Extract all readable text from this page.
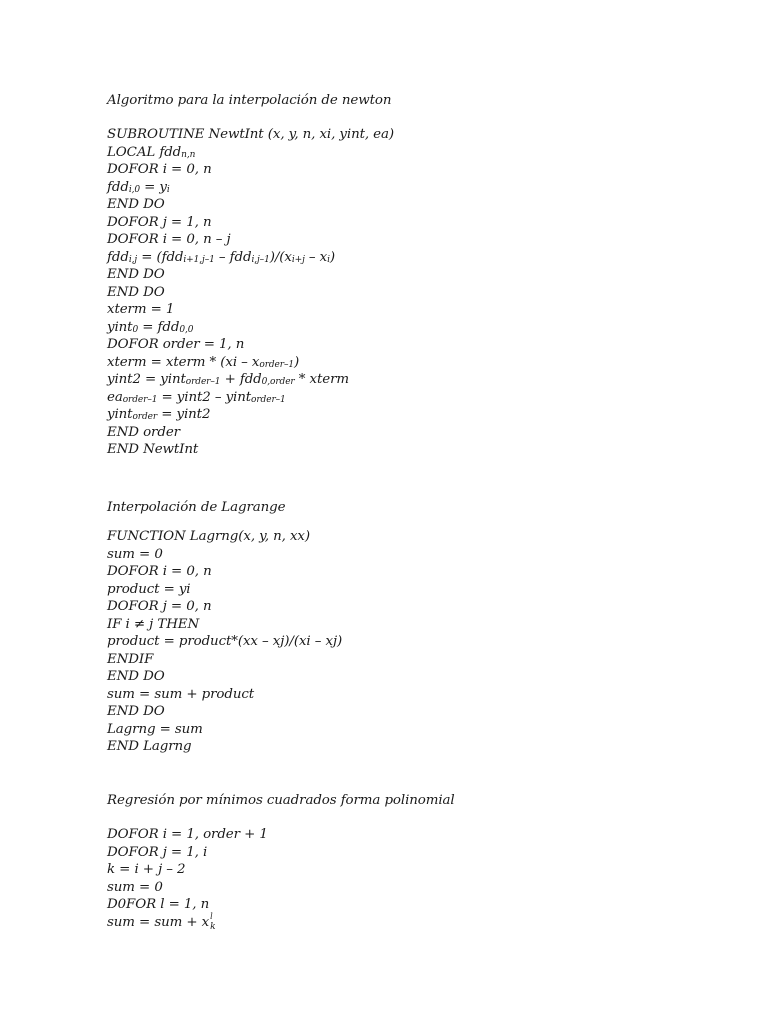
Algoritmo para la interpolación de newton
SUBROUTINE NewtInt (x, y, n, xi, yint, ea)
LOCAL fddn,n
DOFOR i = 0, n
fddi,0 = yi
END DO
DOFOR j = 1, n
DOFOR i = 0, n – j
fddi,j = (fddi+1,j–1 – fddi,j–1)/(xi+j – xi)
END DO
END DO
xterm = 1
yint0 = fdd0,0
DOFOR order = 1, n
xterm = xterm * (xi – xorder–1)
yint2 = yintorder–1 + fdd0,order * xterm
eaorder–1 = yint2 – yintorder–1
yintorder = yint2
END order
END NewtInt
Interpolación de Lagrange
FUNCTION Lagrng(x, y, n, xx)
sum = 0
DOFOR i = 0, n
product = yi
DOFOR j = 0, n
IF i ≠ j THEN
product = product*(xx – xj)/(xi – xj)
ENDIF
END DO
sum = sum + product
END DO
Lagrng = sum
END Lagrng
Regresión por mínimos cuadrados forma polinomial
DOFOR i = 1, order + 1
DOFOR j = 1, i
k = i + j – 2
sum = 0
D0FOR l = 1, n
sum = sum + x l
k
